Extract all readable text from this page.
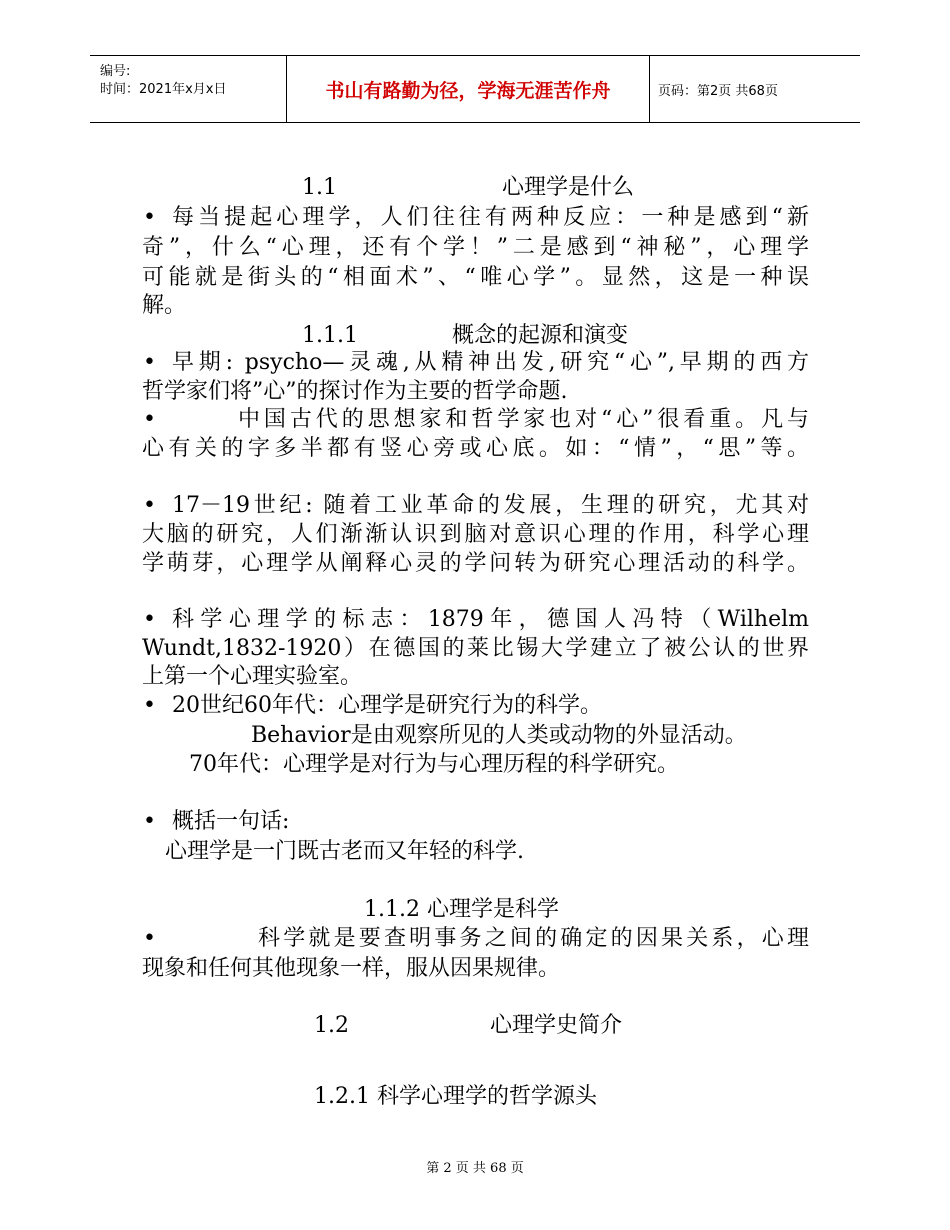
编号:
时间：2021年x月x日	书山有路勤为径，学海无涯苦作舟	页码：第2页 共68页
1.1	心理学是什么
• 每当提起心理学，人们往往有两种反应：一种是感到“新
奇”，什么“心理，还有个学！”二是感到“神秘”，心理学
可能就是街头的“相面术”、“唯心学”。显然，这是一种误
解。
1.1.1	概念的起源和演变
• 早期: psycho—灵魂,从精神出发,研究“心”,早期的西方
哲学家们将”心”的探讨作为主要的哲学命题.
•	中国古代的思想家和哲学家也对“心”很看重。凡与
心有关的字多半都有竖心旁或心底。如：“情”，“思”等。
• 17－19世纪: 随着工业革命的发展，生理的研究，尤其对
大脑的研究，人们渐渐认识到脑对意识心理的作用，科学心理
学萌芽，心理学从阐释心灵的学问转为研究心理活动的科学。
• 科学心理学的标志：1879年，德国人冯特（Wilhelm
Wundt,1832-1920）在德国的莱比锡大学建立了被公认的世界
上第一个心理实验室。
• 20世纪60年代：心理学是研究行为的科学。
Behavior是由观察所见的人类或动物的外显活动。
70年代：心理学是对行为与心理历程的科学研究。
• 概括一句话:
心理学是一门既古老而又年轻的科学.
1.1.2 心理学是科学
•	科学就是要查明事务之间的确定的因果关系，心理
现象和任何其他现象一样，服从因果规律。
1.2	心理学史简介
1.2.1 科学心理学的哲学源头
第 2 页 共 68 页
